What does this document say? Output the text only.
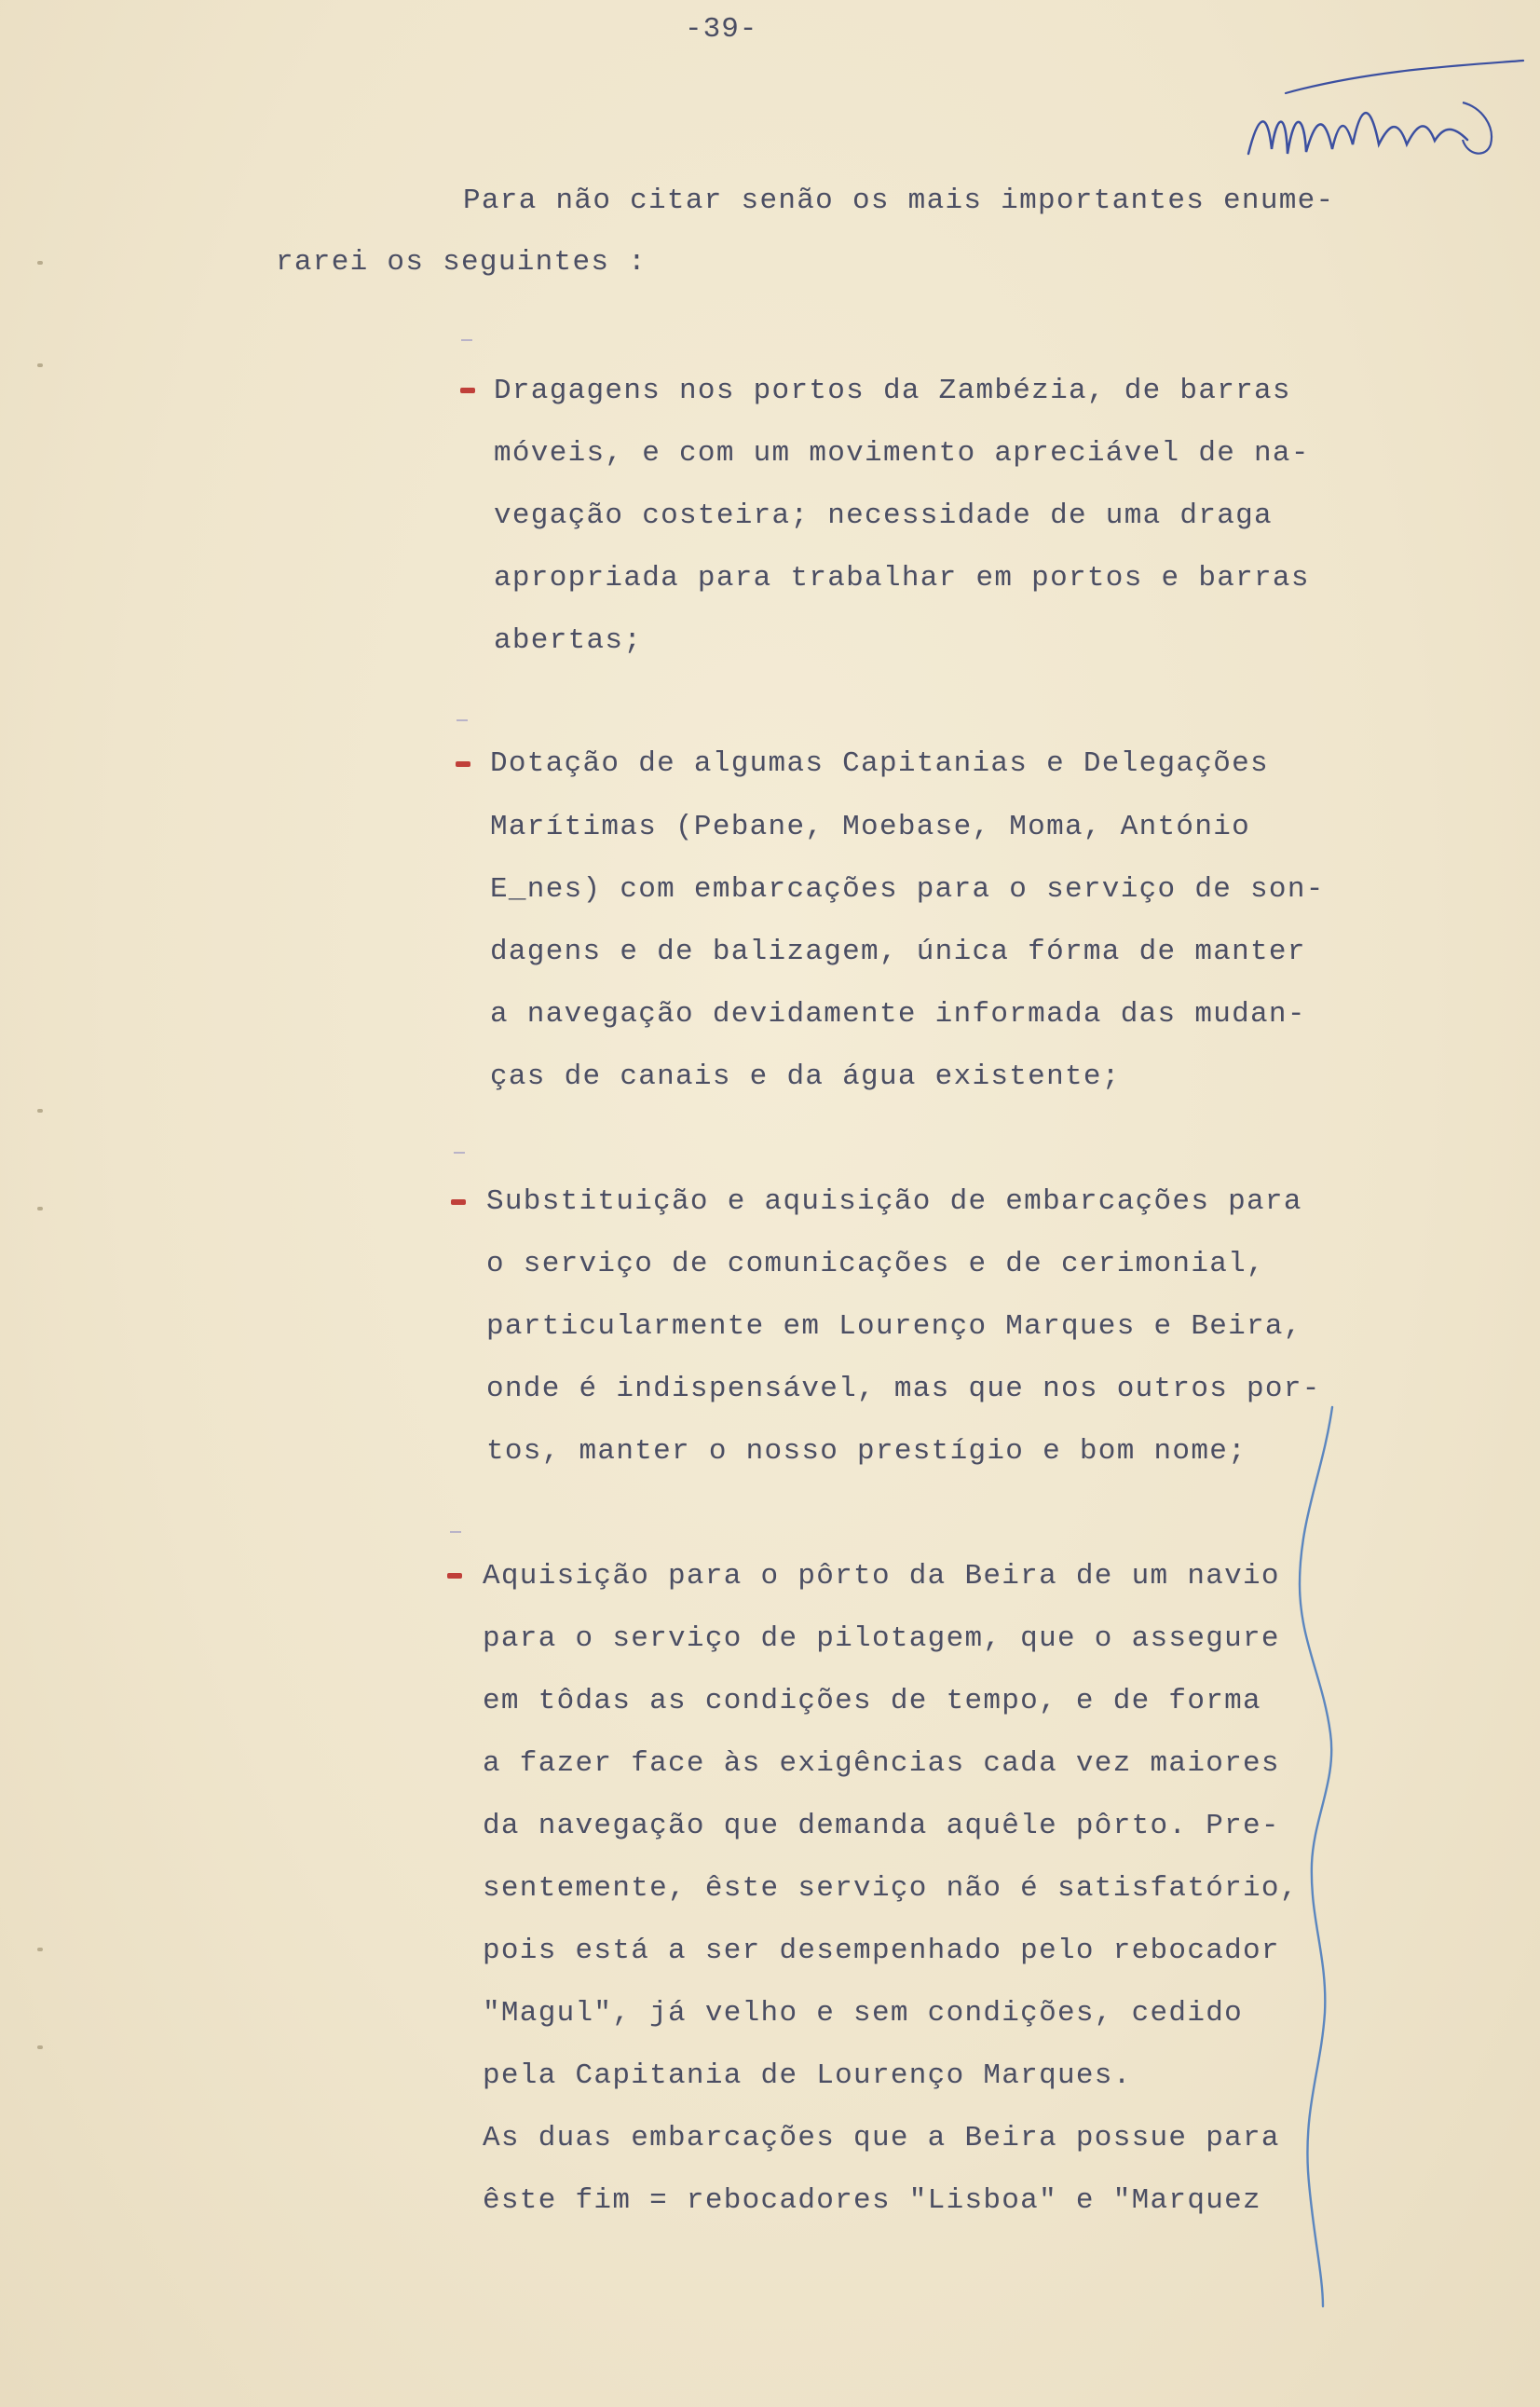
-39-
Para não citar senão os mais importantes enume-
rarei os seguintes :
Dragagens nos portos da Zambézia, de barras
móveis, e com um movimento apreciável de na-
vegação costeira; necessidade de uma draga
apropriada para trabalhar em portos e barras
abertas;
Dotação de algumas Capitanias e Delegações
Marítimas (Pebane, Moebase, Moma, António
E_nes) com embarcações para o serviço de son-
dagens e de balizagem, única fórma de manter
a navegação devidamente informada das mudan-
ças de canais e da água existente;
Substituição e aquisição de embarcações para
o serviço de comunicações e de cerimonial,
particularmente em Lourenço Marques e Beira,
onde é indispensável, mas que nos outros por-
tos, manter o nosso prestígio e bom nome;
Aquisição para o pôrto da Beira de um navio
para o serviço de pilotagem, que o assegure
em tôdas as condições de tempo, e de forma
a fazer face às exigências cada vez maiores
da navegação que demanda aquêle pôrto. Pre-
sentemente, êste serviço não é satisfatório,
pois está a ser desempenhado pelo rebocador
"Magul", já velho e sem condições, cedido
pela Capitania de Lourenço Marques.
As duas embarcações que a Beira possue para
êste fim = rebocadores "Lisboa" e "Marquez
